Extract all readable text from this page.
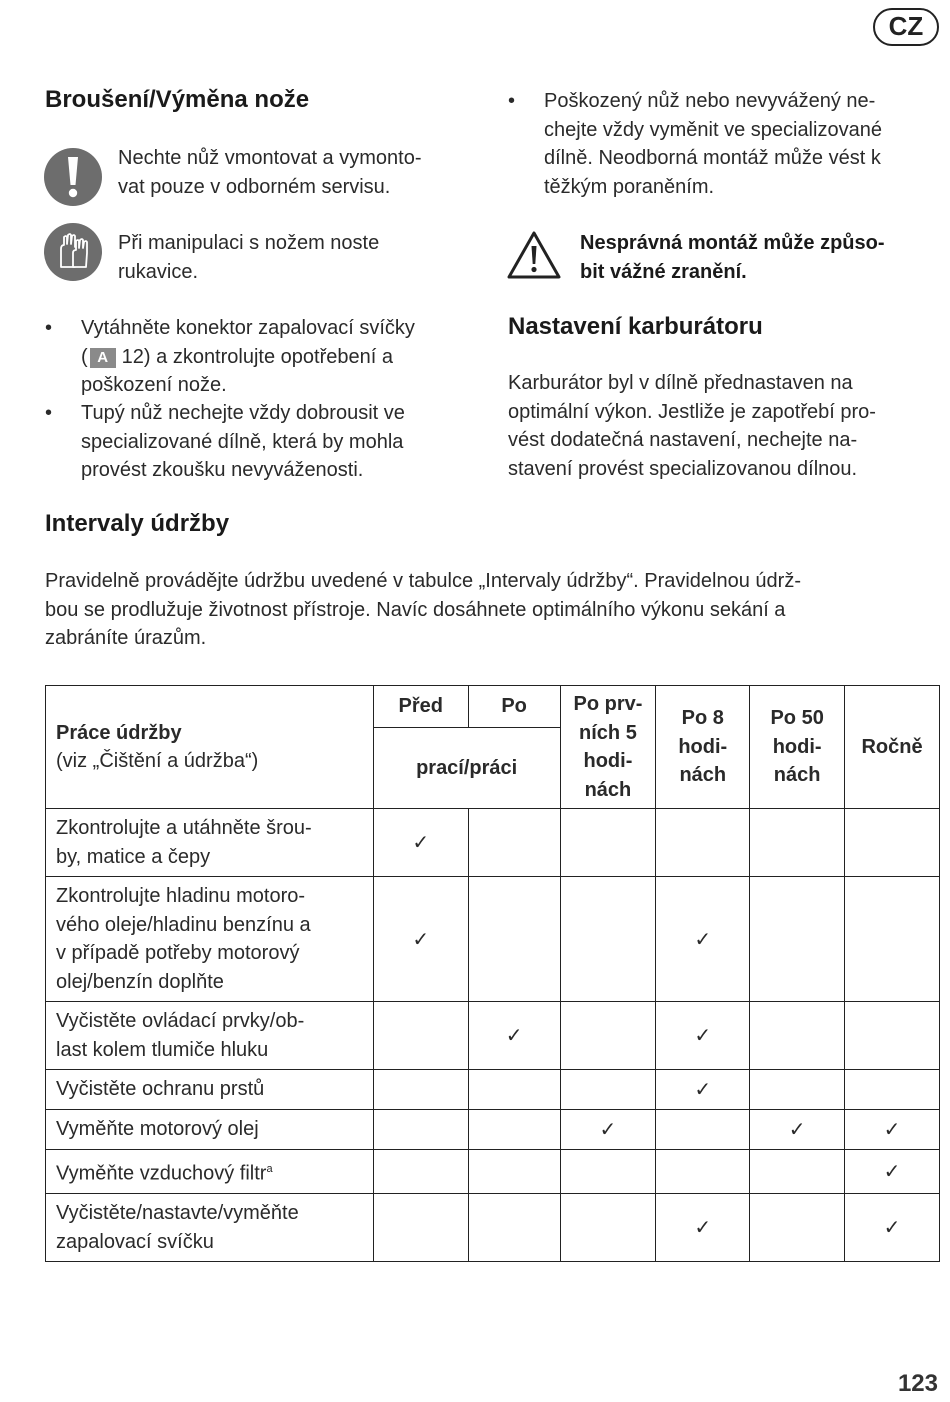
CZ
Broušení/Výměna nože
Nechte nůž vmontovat a vymonto-
vat pouze v odborném servisu.
Při manipulaci s nožem noste
rukavice.
• Vytáhněte konektor zapalovací svíčky
( A 12) a zkontrolujte opotřebení a
poškození nože.
• Tupý nůž nechejte vždy dobrousit ve
specializované dílně, která by mohla
provést zkoušku nevyváženosti.
• Poškozený nůž nebo nevyvážený ne-
chejte vždy vyměnit ve specializované
dílně. Neodborná montáž může vést k
těžkým poraněním.
Nesprávná montáž může způso-
bit vážné zranění.
Nastavení karburátoru
Karburátor byl v dílně přednastaven na
optimální výkon. Jestliže je zapotřebí pro-
vést dodatečná nastavení, nechejte na-
stavení provést specializovanou dílnou.
Intervaly údržby
Pravidelně provádějte údržbu uvedené v tabulce „Intervaly údržby“. Pravidelnou údrž-
bou se prodlužuje životnost přístroje. Navíc dosáhnete optimálního výkonu sekání a
zabráníte úrazům.
Práce údržby
(viz „Čištění a údržba“)	Před	Po	Po prv-
ních 5
hodi-
nách	Po 8
hodi-
nách	Po 50
hodi-
nách	Ročně
	prací/práci					
Zkontrolujte a utáhněte šrou-
by, matice a čepy	✓					
Zkontrolujte hladinu motoro-
vého oleje/hladinu benzínu a
v případě potřeby motorový
olej/benzín doplňte	✓			✓		
Vyčistěte ovládací prvky/ob-
last kolem tlumiče hluku		✓		✓		
Vyčistěte ochranu prstů				✓		
Vyměňte motorový olej			✓		✓	✓
Vyměňte vzduchový filtr$^a$						✓
Vyčistěte/nastavte/vyměňte
zapalovací svíčku				✓		✓
123
